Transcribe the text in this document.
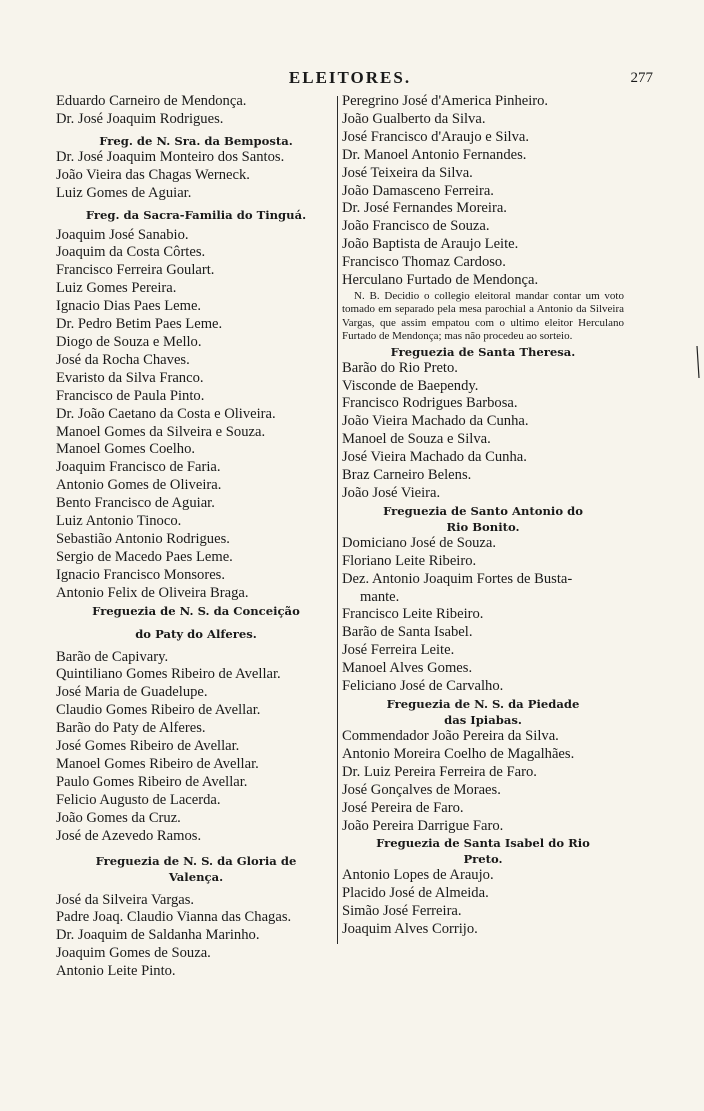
ELEITORES.	277
Eduardo Carneiro de Mendonça.
Dr. José Joaquim Rodrigues.
Freg. de N. Sra. da Bemposta.
Dr. José Joaquim Monteiro dos Santos.
João Vieira das Chagas Werneck.
Luiz Gomes de Aguiar.
Freg. da Sacra-Familia do Tinguá.
Joaquim José Sanabio.
Joaquim da Costa Côrtes.
Francisco Ferreira Goulart.
Luiz Gomes Pereira.
Ignacio Dias Paes Leme.
Dr. Pedro Betim Paes Leme.
Diogo de Souza e Mello.
José da Rocha Chaves.
Evaristo da Silva Franco.
Francisco de Paula Pinto.
Dr. João Caetano da Costa e Oliveira.
Manoel Gomes da Silveira e Souza.
Manoel Gomes Coelho.
Joaquim Francisco de Faria.
Antonio Gomes de Oliveira.
Bento Francisco de Aguiar.
Luiz Antonio Tinoco.
Sebastião Antonio Rodrigues.
Sergio de Macedo Paes Leme.
Ignacio Francisco Monsores.
Antonio Felix de Oliveira Braga.
Freguezia de N. S. da Conceição
do Paty do Alferes.
Barão de Capivary.
Quintiliano Gomes Ribeiro de Avellar.
José Maria de Guadelupe.
Claudio Gomes Ribeiro de Avellar.
Barão do Paty de Alferes.
José Gomes Ribeiro de Avellar.
Manoel Gomes Ribeiro de Avellar.
Paulo Gomes Ribeiro de Avellar.
Felicio Augusto de Lacerda.
João Gomes da Cruz.
José de Azevedo Ramos.
Freguezia de N. S. da Gloria de
Valença.
José da Silveira Vargas.
Padre Joaq. Claudio Vianna das Chagas.
Dr. Joaquim de Saldanha Marinho.
Joaquim Gomes de Souza.
Antonio Leite Pinto.
Peregrino José d'America Pinheiro.
João Gualberto da Silva.
José Francisco d'Araujo e Silva.
Dr. Manoel Antonio Fernandes.
José Teixeira da Silva.
João Damasceno Ferreira.
Dr. José Fernandes Moreira.
João Francisco de Souza.
João Baptista de Araujo Leite.
Francisco Thomaz Cardoso.
Herculano Furtado de Mendonça.
N. B. Decidio o collegio eleitoral mandar contar um voto tomado em separado pela mesa parochial a Antonio da Silveira Vargas, que assim empatou com o ultimo eleitor Herculano Furtado de Mendonça; mas não procedeu ao sorteio.
Freguezia de Santa Theresa.
Barão do Rio Preto.
Visconde de Baependy.
Francisco Rodrigues Barbosa.
João Vieira Machado da Cunha.
Manoel de Souza e Silva.
José Vieira Machado da Cunha.
Braz Carneiro Belens.
João José Vieira.
Freguezia de Santo Antonio do
Rio Bonito.
Domiciano José de Souza.
Floriano Leite Ribeiro.
Dez. Antonio Joaquim Fortes de Busta-
mante.
Francisco Leite Ribeiro.
Barão de Santa Isabel.
José Ferreira Leite.
Manoel Alves Gomes.
Feliciano José de Carvalho.
Freguezia de N. S. da Piedade
das Ipiabas.
Commendador João Pereira da Silva.
Antonio Moreira Coelho de Magalhães.
Dr. Luiz Pereira Ferreira de Faro.
José Gonçalves de Moraes.
José Pereira de Faro.
João Pereira Darrigue Faro.
Freguezia de Santa Isabel do Rio
Preto.
Antonio Lopes de Araujo.
Placido José de Almeida.
Simão José Ferreira.
Joaquim Alves Corrijo.
